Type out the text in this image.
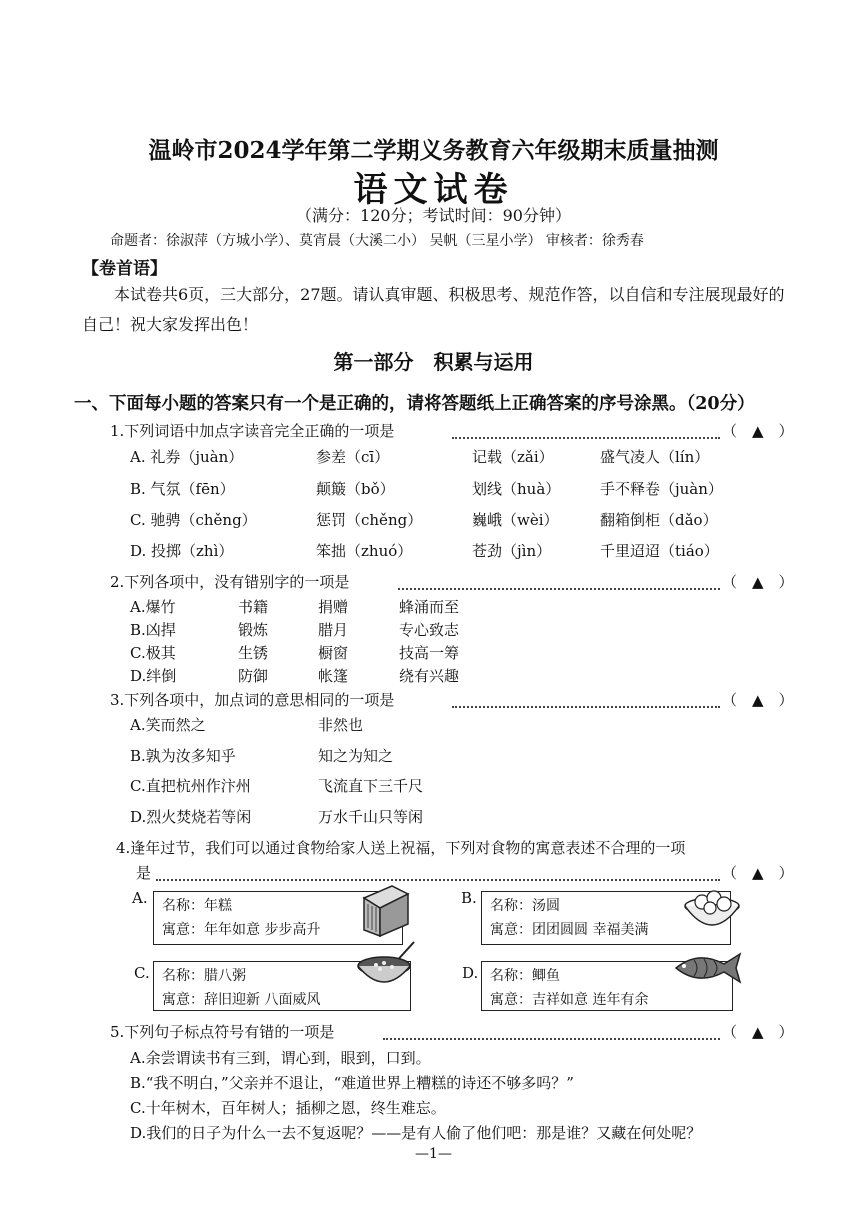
温岭市2024学年第二学期义务教育六年级期末质量抽测
语文试卷
（满分：120分；考试时间：90分钟）
命题者：徐淑萍（方城小学）、莫宵晨（大溪二小） 吴帆（三星小学） 审核者：徐秀春
【卷首语】
本试卷共6页，三大部分，27题。请认真审题、积极思考、规范作答，以自信和专注展现最好的自己！祝大家发挥出色！
第一部分　积累与运用
一、下面每小题的答案只有一个是正确的，请将答题纸上正确答案的序号涂黑。（20分）
1.下列词语中加点字读音完全正确的一项是	（　▲　）
A. 礼券（juàn）	参差（cī）	记载（zǎi）	盛气凌人（lín）
B. 气氛（fēn）	颠簸（bǒ）	划线（huà）	手不释卷（juàn）
C. 驰骋（chěng）	惩罚（chěng）	巍峨（wèi）	翻箱倒柜（dǎo）
D. 投掷（zhì）	笨拙（zhuó）	苍劲（jìn）	千里迢迢（tiáo）
2.下列各项中，没有错别字的一项是	（　▲　）
A.爆竹	书籍	捐赠	蜂涌而至
B.凶捍	锻炼	腊月	专心致志
C.极其	生锈	橱窗	技高一筹
D.绊倒	防御	帐篷	绕有兴趣
3.下列各项中，加点词的意思相同的一项是	（　▲　）
A.笑而然之	非然也
B.孰为汝多知乎	知之为知之
C.直把杭州作汴州	飞流直下三千尺
D.烈火焚烧若等闲	万水千山只等闲
4.逢年过节，我们可以通过食物给家人送上祝福，下列对食物的寓意表述不合理的一项
是	（　▲　）
A. 名称：年糕
寓意：年年如意 步步高升
B. 名称：汤圆
寓意：团团圆圆 幸福美满
C. 名称：腊八粥
寓意：辞旧迎新 八面威风
D. 名称：鲫鱼
寓意：吉祥如意 连年有余
5.下列句子标点符号有错的一项是	（　▲　）
A.余尝谓读书有三到，谓心到，眼到，口到。
B.“我不明白，”父亲并不退让，“难道世界上糟糕的诗还不够多吗？”
C.十年树木，百年树人；插柳之恩，终生难忘。
D.我们的日子为什么一去不复返呢？——是有人偷了他们吧：那是谁？又藏在何处呢？
—1—
